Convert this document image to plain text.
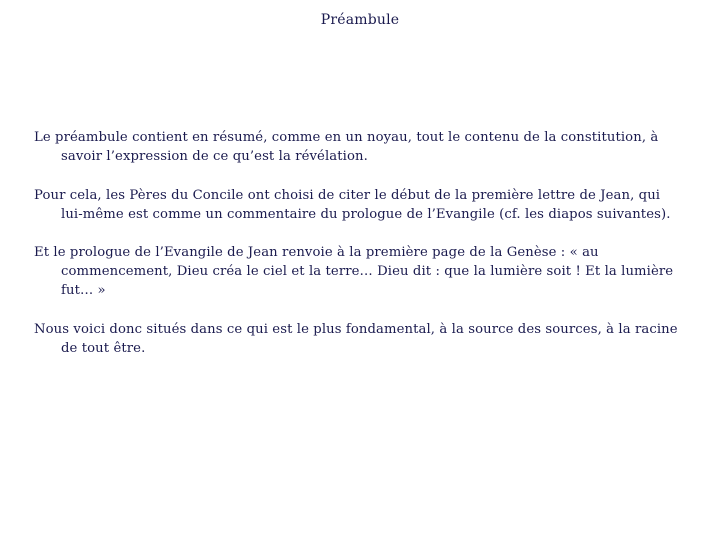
Préambule

Le préambule contient en résumé, comme en un noyau, tout le contenu de la constitution, à savoir l’expression de ce qu’est la révélation.

Pour cela, les Pères du Concile ont choisi de citer le début de la première lettre de Jean, qui lui-même est comme un commentaire du prologue de l’Evangile (cf. les diapos suivantes).

Et le prologue de l’Evangile de Jean renvoie à la première page de la Genèse : « au commencement, Dieu créa le ciel et la terre… Dieu dit : que la lumière soit ! Et la lumière fut… »

Nous voici donc situés dans ce qui est le plus fondamental, à la source des sources, à la racine de tout être.
